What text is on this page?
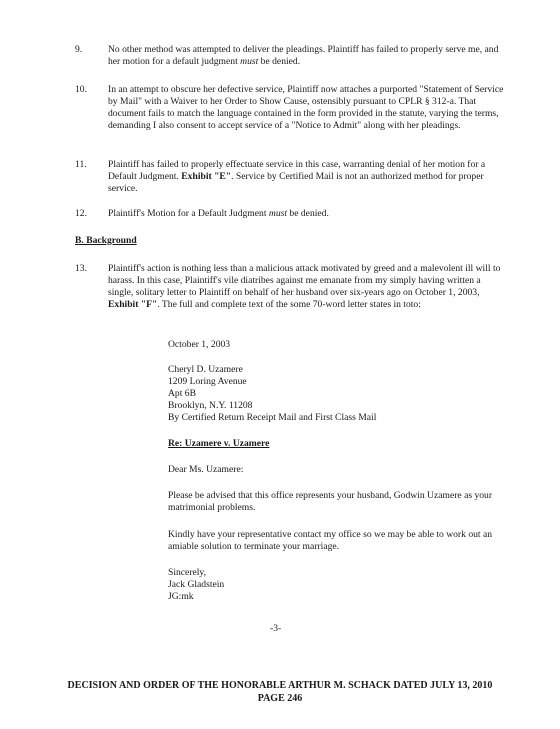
9.	No other method was attempted to deliver the pleadings. Plaintiff has failed to properly serve me, and her motion for a default judgment must be denied.
10. In an attempt to obscure her defective service, Plaintiff now attaches a purported "Statement of Service by Mail" with a Waiver to her Order to Show Cause, ostensibly pursuant to CPLR § 312-a. That document fails to match the language contained in the form provided in the statute, varying the terms, demanding I also consent to accept service of a "Notice to Admit" along with her pleadings.
11. Plaintiff has failed to properly effectuate service in this case, warranting denial of her motion for a Default Judgment. Exhibit "E". Service by Certified Mail is not an authorized method for proper service.
12. Plaintiff's Motion for a Default Judgment must be denied.
B. Background
13. Plaintiff's action is nothing less than a malicious attack motivated by greed and a malevolent ill will to harass. In this case, Plaintiff's vile diatribes against me emanate from my simply having written a single, solitary letter to Plaintiff on behalf of her husband over six-years ago on October 1, 2003, Exhibit "F". The full and complete text of the some 70-word letter states in toto:
October 1, 2003
Cheryl D. Uzamere
1209 Loring Avenue
Apt 6B
Brooklyn, N.Y. 11208
By Certified Return Receipt Mail and First Class Mail
Re: Uzamere v. Uzamere
Dear Ms. Uzamere:
Please be advised that this office represents your husband, Godwin Uzamere as your matrimonial problems.
Kindly have your representative contact my office so we may be able to work out an amiable solution to terminate your marriage.
Sincerely,
Jack Gladstein
JG:mk
-3-
DECISION AND ORDER OF THE HONORABLE ARTHUR M. SCHACK DATED JULY 13, 2010
PAGE 246
